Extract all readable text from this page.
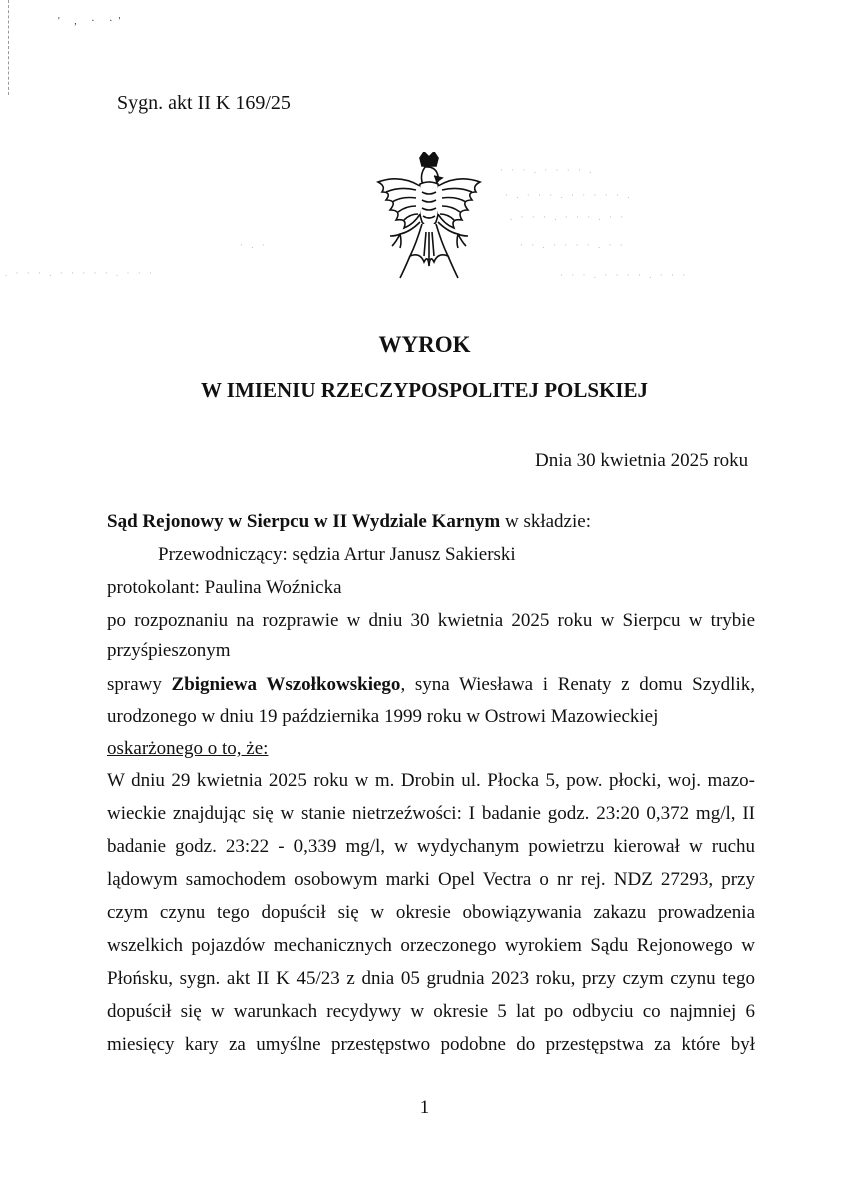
' , · ·'
Sygn. akt II K 169/25
· · · . · · · · .
· . · · · . · · · · · .
. · · · . · · · . · ·
· · . · · · · . · ·
· · · . · · · · . · · ·
. · · · . · · · · · . · · ·
· . ·
WYROK
W IMIENIU RZECZYPOSPOLITEJ POLSKIEJ
Dnia 30 kwietnia 2025 roku
Sąd Rejonowy w Sierpcu w II Wydziale Karnym w składzie:
Przewodniczący: sędzia Artur Janusz Sakierski
protokolant: Paulina Woźnicka
po rozpoznaniu na rozprawie w dniu 30 kwietnia 2025 roku w Sierpcu w trybie
przyśpieszonym
sprawy Zbigniewa Wszołkowskiego, syna Wiesława i Renaty z domu Szydlik,
urodzonego w dniu 19 października 1999 roku w Ostrowi Mazowieckiej
oskarżonego o to, że:
W dniu 29 kwietnia 2025 roku w m. Drobin ul. Płocka 5, pow. płocki, woj. mazo-
wieckie znajdując się w stanie nietrzeźwości: I badanie godz. 23:20 0,372 mg/l, II
badanie godz. 23:22 - 0,339 mg/l, w wydychanym powietrzu kierował w ruchu
lądowym samochodem osobowym marki Opel Vectra o nr rej. NDZ 27293, przy
czym czynu tego dopuścił się w okresie obowiązywania zakazu prowadzenia
wszelkich pojazdów mechanicznych orzeczonego wyrokiem Sądu Rejonowego w
Płońsku, sygn. akt II K 45/23 z dnia 05 grudnia 2023 roku, przy czym czynu tego
dopuścił się w warunkach recydywy w okresie 5 lat po odbyciu co najmniej 6
miesięcy kary za umyślne przestępstwo podobne do przestępstwa za które był
1
